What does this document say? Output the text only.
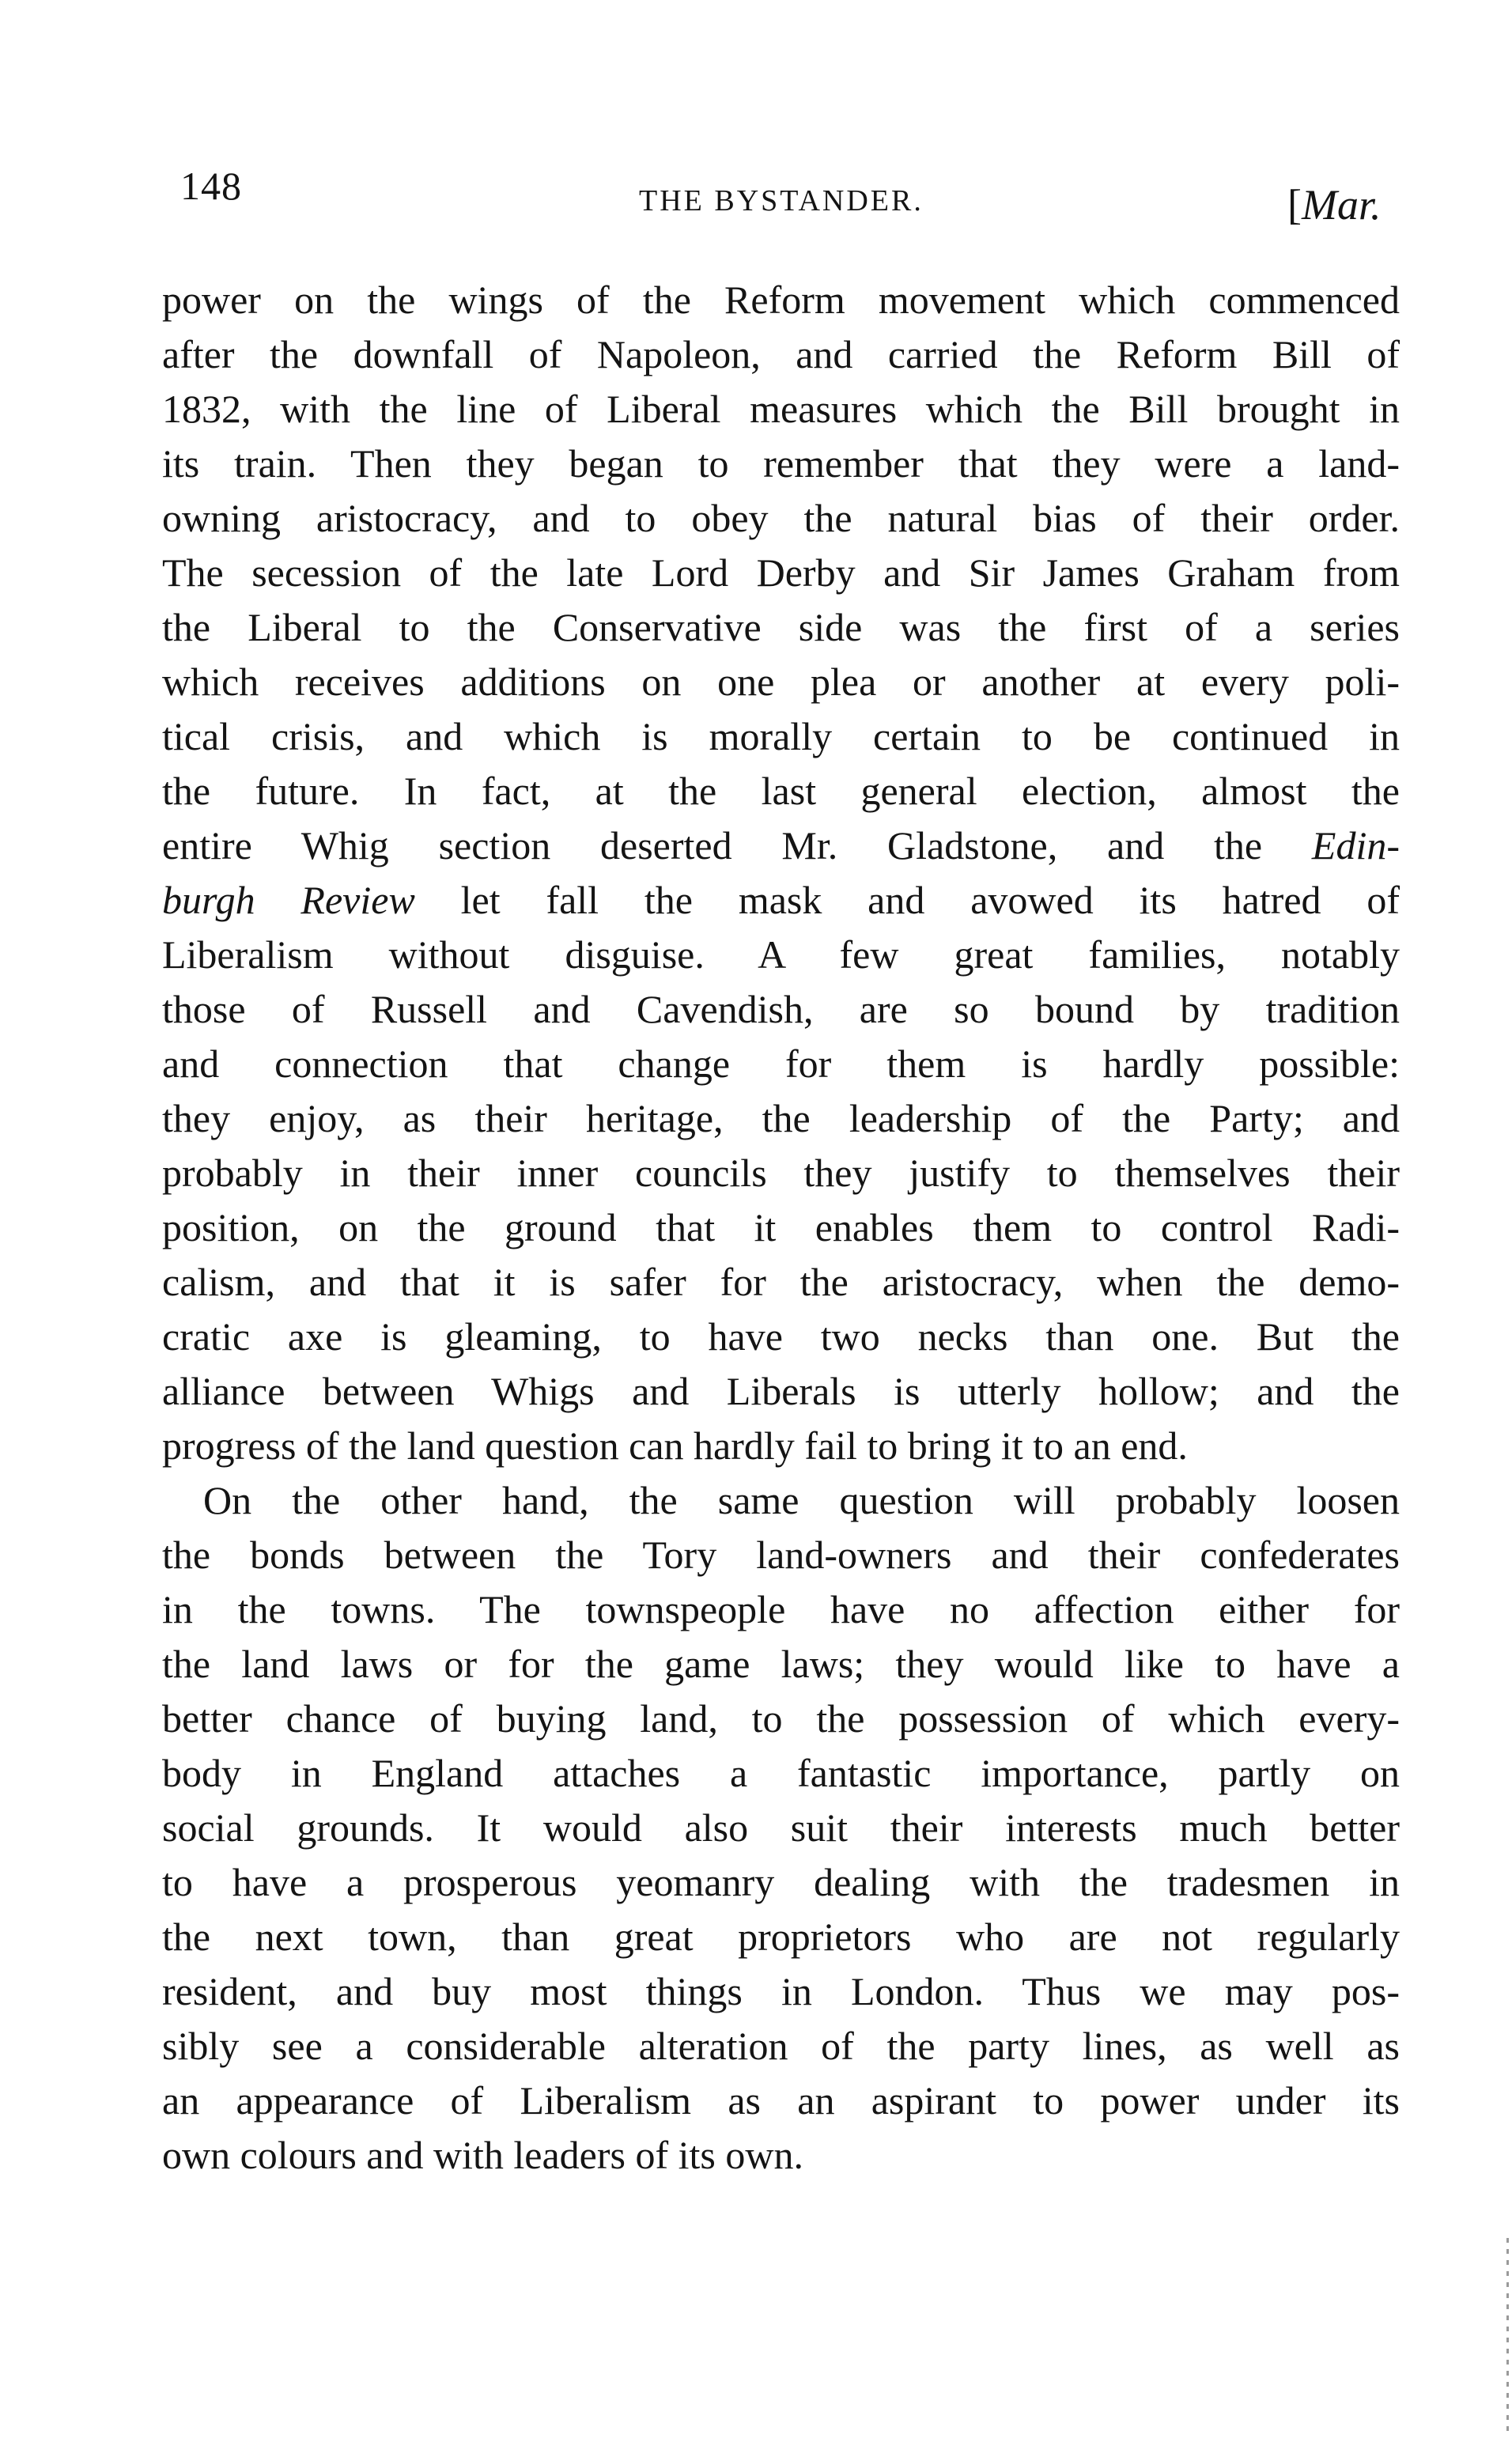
148	THE BYSTANDER.	[Mar.
power on the wings of the Reform movement which commenced
after the downfall of Napoleon, and carried the Reform Bill of
1832, with the line of Liberal measures which the Bill brought in
its train. Then they began to remember that they were a land-
owning aristocracy, and to obey the natural bias of their order.
The secession of the late Lord Derby and Sir James Graham from
the Liberal to the Conservative side was the first of a series
which receives additions on one plea or another at every poli-
tical crisis, and which is morally certain to be continued in
the future. In fact, at the last general election, almost the
entire Whig section deserted Mr. Gladstone, and the Edin-
burgh Review let fall the mask and avowed its hatred of
Liberalism without disguise. A few great families, notably
those of Russell and Cavendish, are so bound by tradition
and connection that change for them is hardly possible:
they enjoy, as their heritage, the leadership of the Party; and
probably in their inner councils they justify to themselves their
position, on the ground that it enables them to control Radi-
calism, and that it is safer for the aristocracy, when the demo-
cratic axe is gleaming, to have two necks than one. But the
alliance between Whigs and Liberals is utterly hollow; and the
progress of the land question can hardly fail to bring it to an end.
On the other hand, the same question will probably loosen
the bonds between the Tory land-owners and their confederates
in the towns. The townspeople have no affection either for
the land laws or for the game laws; they would like to have a
better chance of buying land, to the possession of which every-
body in England attaches a fantastic importance, partly on
social grounds. It would also suit their interests much better
to have a prosperous yeomanry dealing with the tradesmen in
the next town, than great proprietors who are not regularly
resident, and buy most things in London. Thus we may pos-
sibly see a considerable alteration of the party lines, as well as
an appearance of Liberalism as an aspirant to power under its
own colours and with leaders of its own.
